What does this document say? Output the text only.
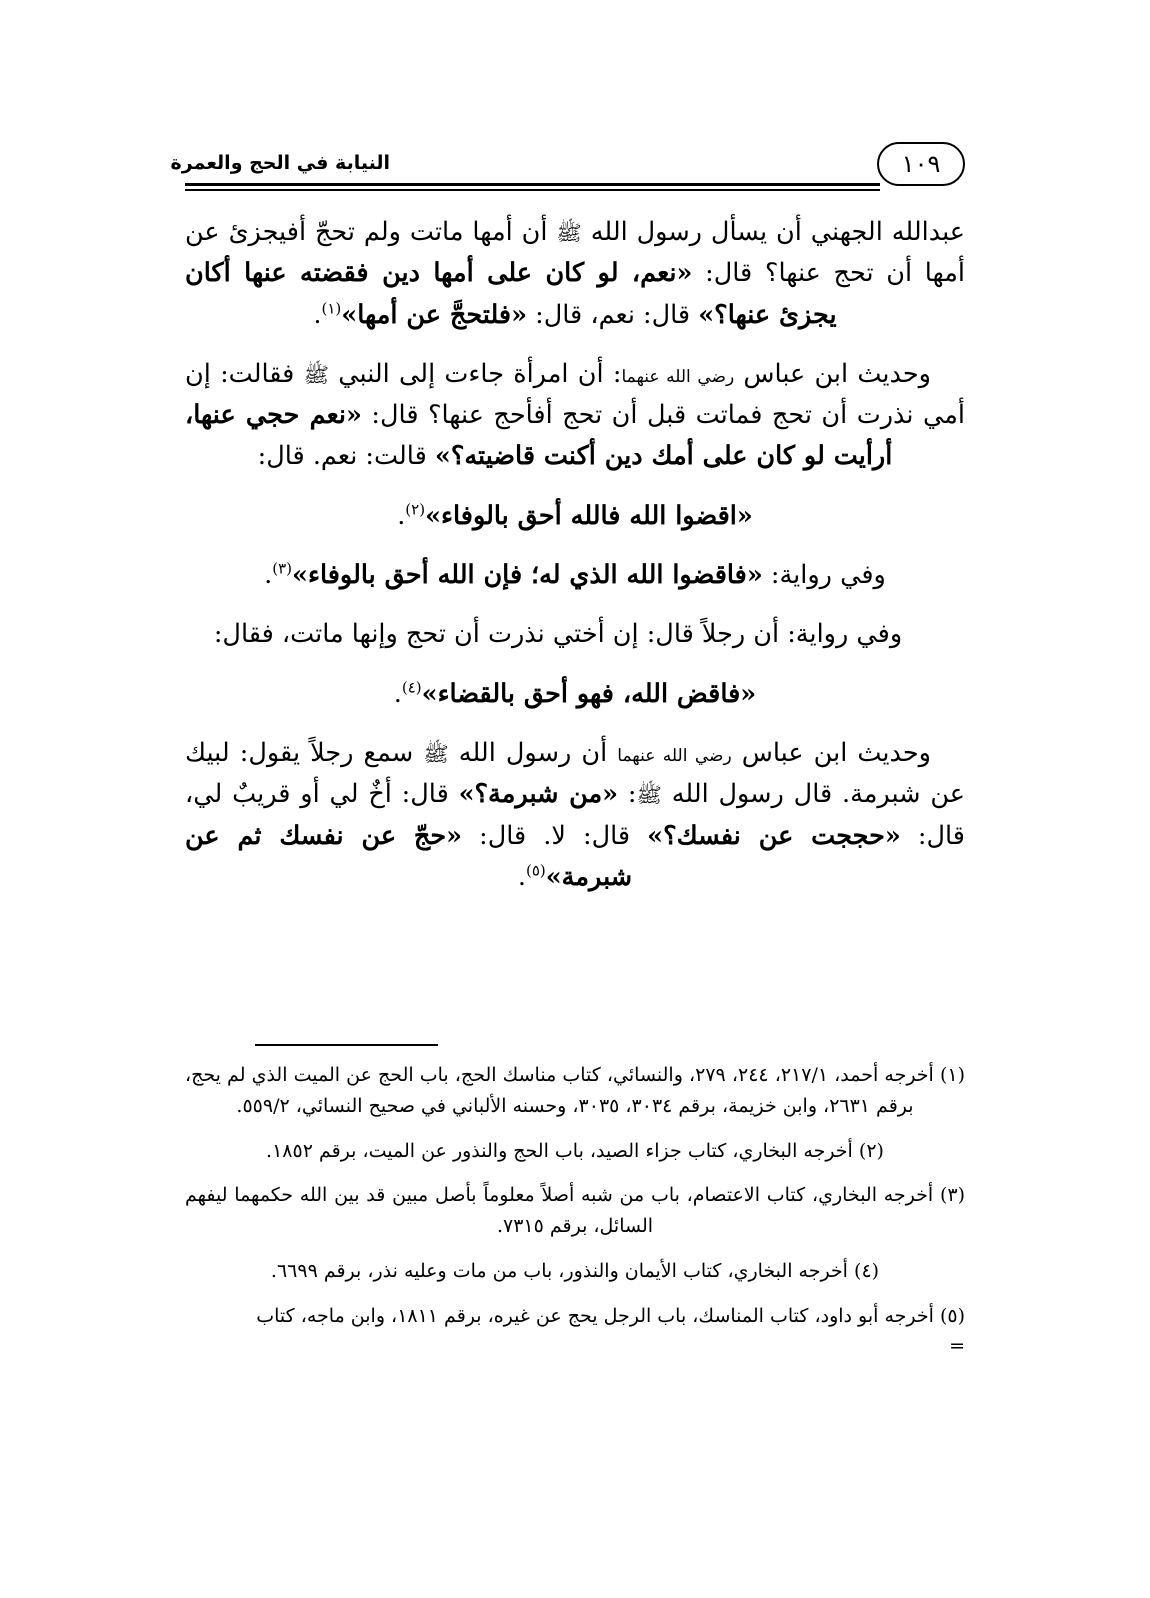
النيابة في الحج والعمرة	١٠٩

عبدالله الجهني أن يسأل رسول الله ﷺ أن أمها ماتت ولم تحجّ أفيجزئ عن أمها أن تحج عنها؟ قال: «نعم، لو كان على أمها دين فقضته عنها أكان يجزئ عنها؟» قال: نعم، قال: «فلتحجَّ عن أمها»$^{(١)}$.

وحديث ابن عباس رضي الله عنهما: أن امرأة جاءت إلى النبي ﷺ فقالت: إن أمي نذرت أن تحج فماتت قبل أن تحج أفأحج عنها؟ قال: «نعم حجي عنها، أرأيت لو كان على أمك دين أكنت قاضيته؟» قالت: نعم. قال:

«اقضوا الله فالله أحق بالوفاء»$^{(٢)}$.

وفي رواية: «فاقضوا الله الذي له؛ فإن الله أحق بالوفاء»$^{(٣)}$.

وفي رواية: أن رجلاً قال: إن أختي نذرت أن تحج وإنها ماتت، فقال:

«فاقض الله، فهو أحق بالقضاء»$^{(٤)}$.

وحديث ابن عباس رضي الله عنهما أن رسول الله ﷺ سمع رجلاً يقول: لبيك عن شبرمة. قال رسول الله ﷺ: «من شبرمة؟» قال: أخٌ لي أو قريبٌ لي، قال: «حججت عن نفسك؟» قال: لا. قال: «حجّ عن نفسك ثم عن شبرمة»$^{(٥)}$.

(١) أخرجه أحمد، ٢١٧/١، ٢٤٤، ٢٧٩، والنسائي، كتاب مناسك الحج، باب الحج عن الميت الذي لم يحج، برقم ٢٦٣١، وابن خزيمة، برقم ٣٠٣٤، ٣٠٣٥، وحسنه الألباني في صحيح النسائي، ٥٥٩/٢.

(٢) أخرجه البخاري، كتاب جزاء الصيد، باب الحج والنذور عن الميت، برقم ١٨٥٢.

(٣) أخرجه البخاري، كتاب الاعتصام، باب من شبه أصلاً معلوماً بأصل مبين قد بين الله حكمهما ليفهم السائل، برقم ٧٣١٥.

(٤) أخرجه البخاري، كتاب الأيمان والنذور، باب من مات وعليه نذر، برقم ٦٦٩٩.

(٥) أخرجه أبو داود، كتاب المناسك، باب الرجل يحج عن غيره، برقم ١٨١١، وابن ماجه، كتاب
=
